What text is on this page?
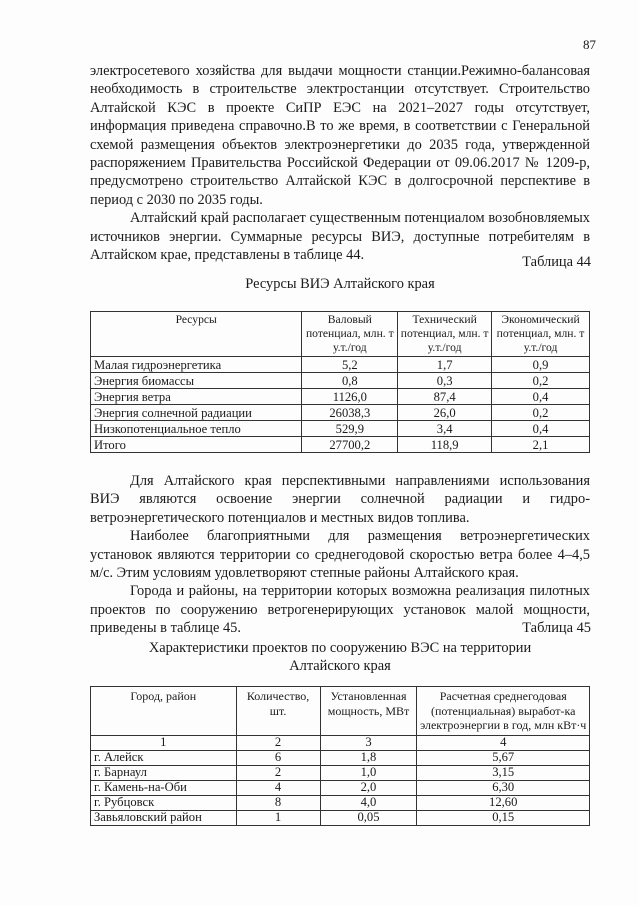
87

электросетевого хозяйства для выдачи мощности станции.Режимно-балансовая необходимость в строительстве электростанции отсутствует. Строительство Алтайской КЭС в проекте СиПР ЕЭС на 2021–2027 годы отсутствует, информация приведена справочно.В то же время, в соответствии с Генеральной схемой размещения объектов электроэнергетики до 2035 года, утвержденной распоряжением Правительства Российской Федерации от 09.06.2017 № 1209-р, предусмотрено строительство Алтайской КЭС в долгосрочной перспективе в период с 2030 по 2035 годы.

Алтайский край располагает существенным потенциалом возобновляемых источников энергии. Суммарные ресурсы ВИЭ, доступные потребителям в Алтайском крае, представлены в таблице 44.	Таблица 44
Ресурсы ВИЭ Алтайского края
Ресурсы	Валовый потенциал, млн. т у.т./год	Технический потенциал, млн. т у.т./год	Экономический потенциал, млн. т у.т./год
Малая гидроэнергетика	5,2	1,7	0,9
Энергия биомассы	0,8	0,3	0,2
Энергия ветра	1126,0	87,4	0,4
Энергия солнечной радиации	26038,3	26,0	0,2
Низкопотенциальное тепло	529,9	3,4	0,4
Итого	27700,2	118,9	2,1

Для Алтайского края перспективными направлениями использования ВИЭ являются освоение энергии солнечной радиации и гидро-ветроэнергетического потенциалов и местных видов топлива.

Наиболее благоприятными для размещения ветроэнергетических установок являются территории со среднегодовой скоростью ветра более 4–4,5 м/с. Этим условиям удовлетворяют степные районы Алтайского края.

Города и районы, на территории которых возможна реализация пилотных проектов по сооружению ветрогенерирующих установок малой мощности, приведены в таблице 45.	Таблица 45
Характеристики проектов по сооружению ВЭС на территории
Алтайского края
Город, район	Количество, шт.	Установленная мощность, МВт	Расчетная среднегодовая (потенциальная) выработ-ка электроэнергии в год, млн кВт·ч
1	2	3	4
г. Алейск	6	1,8	5,67
г. Барнаул	2	1,0	3,15
г. Камень-на-Оби	4	2,0	6,30
г. Рубцовск	8	4,0	12,60
Завьяловский район	1	0,05	0,15
